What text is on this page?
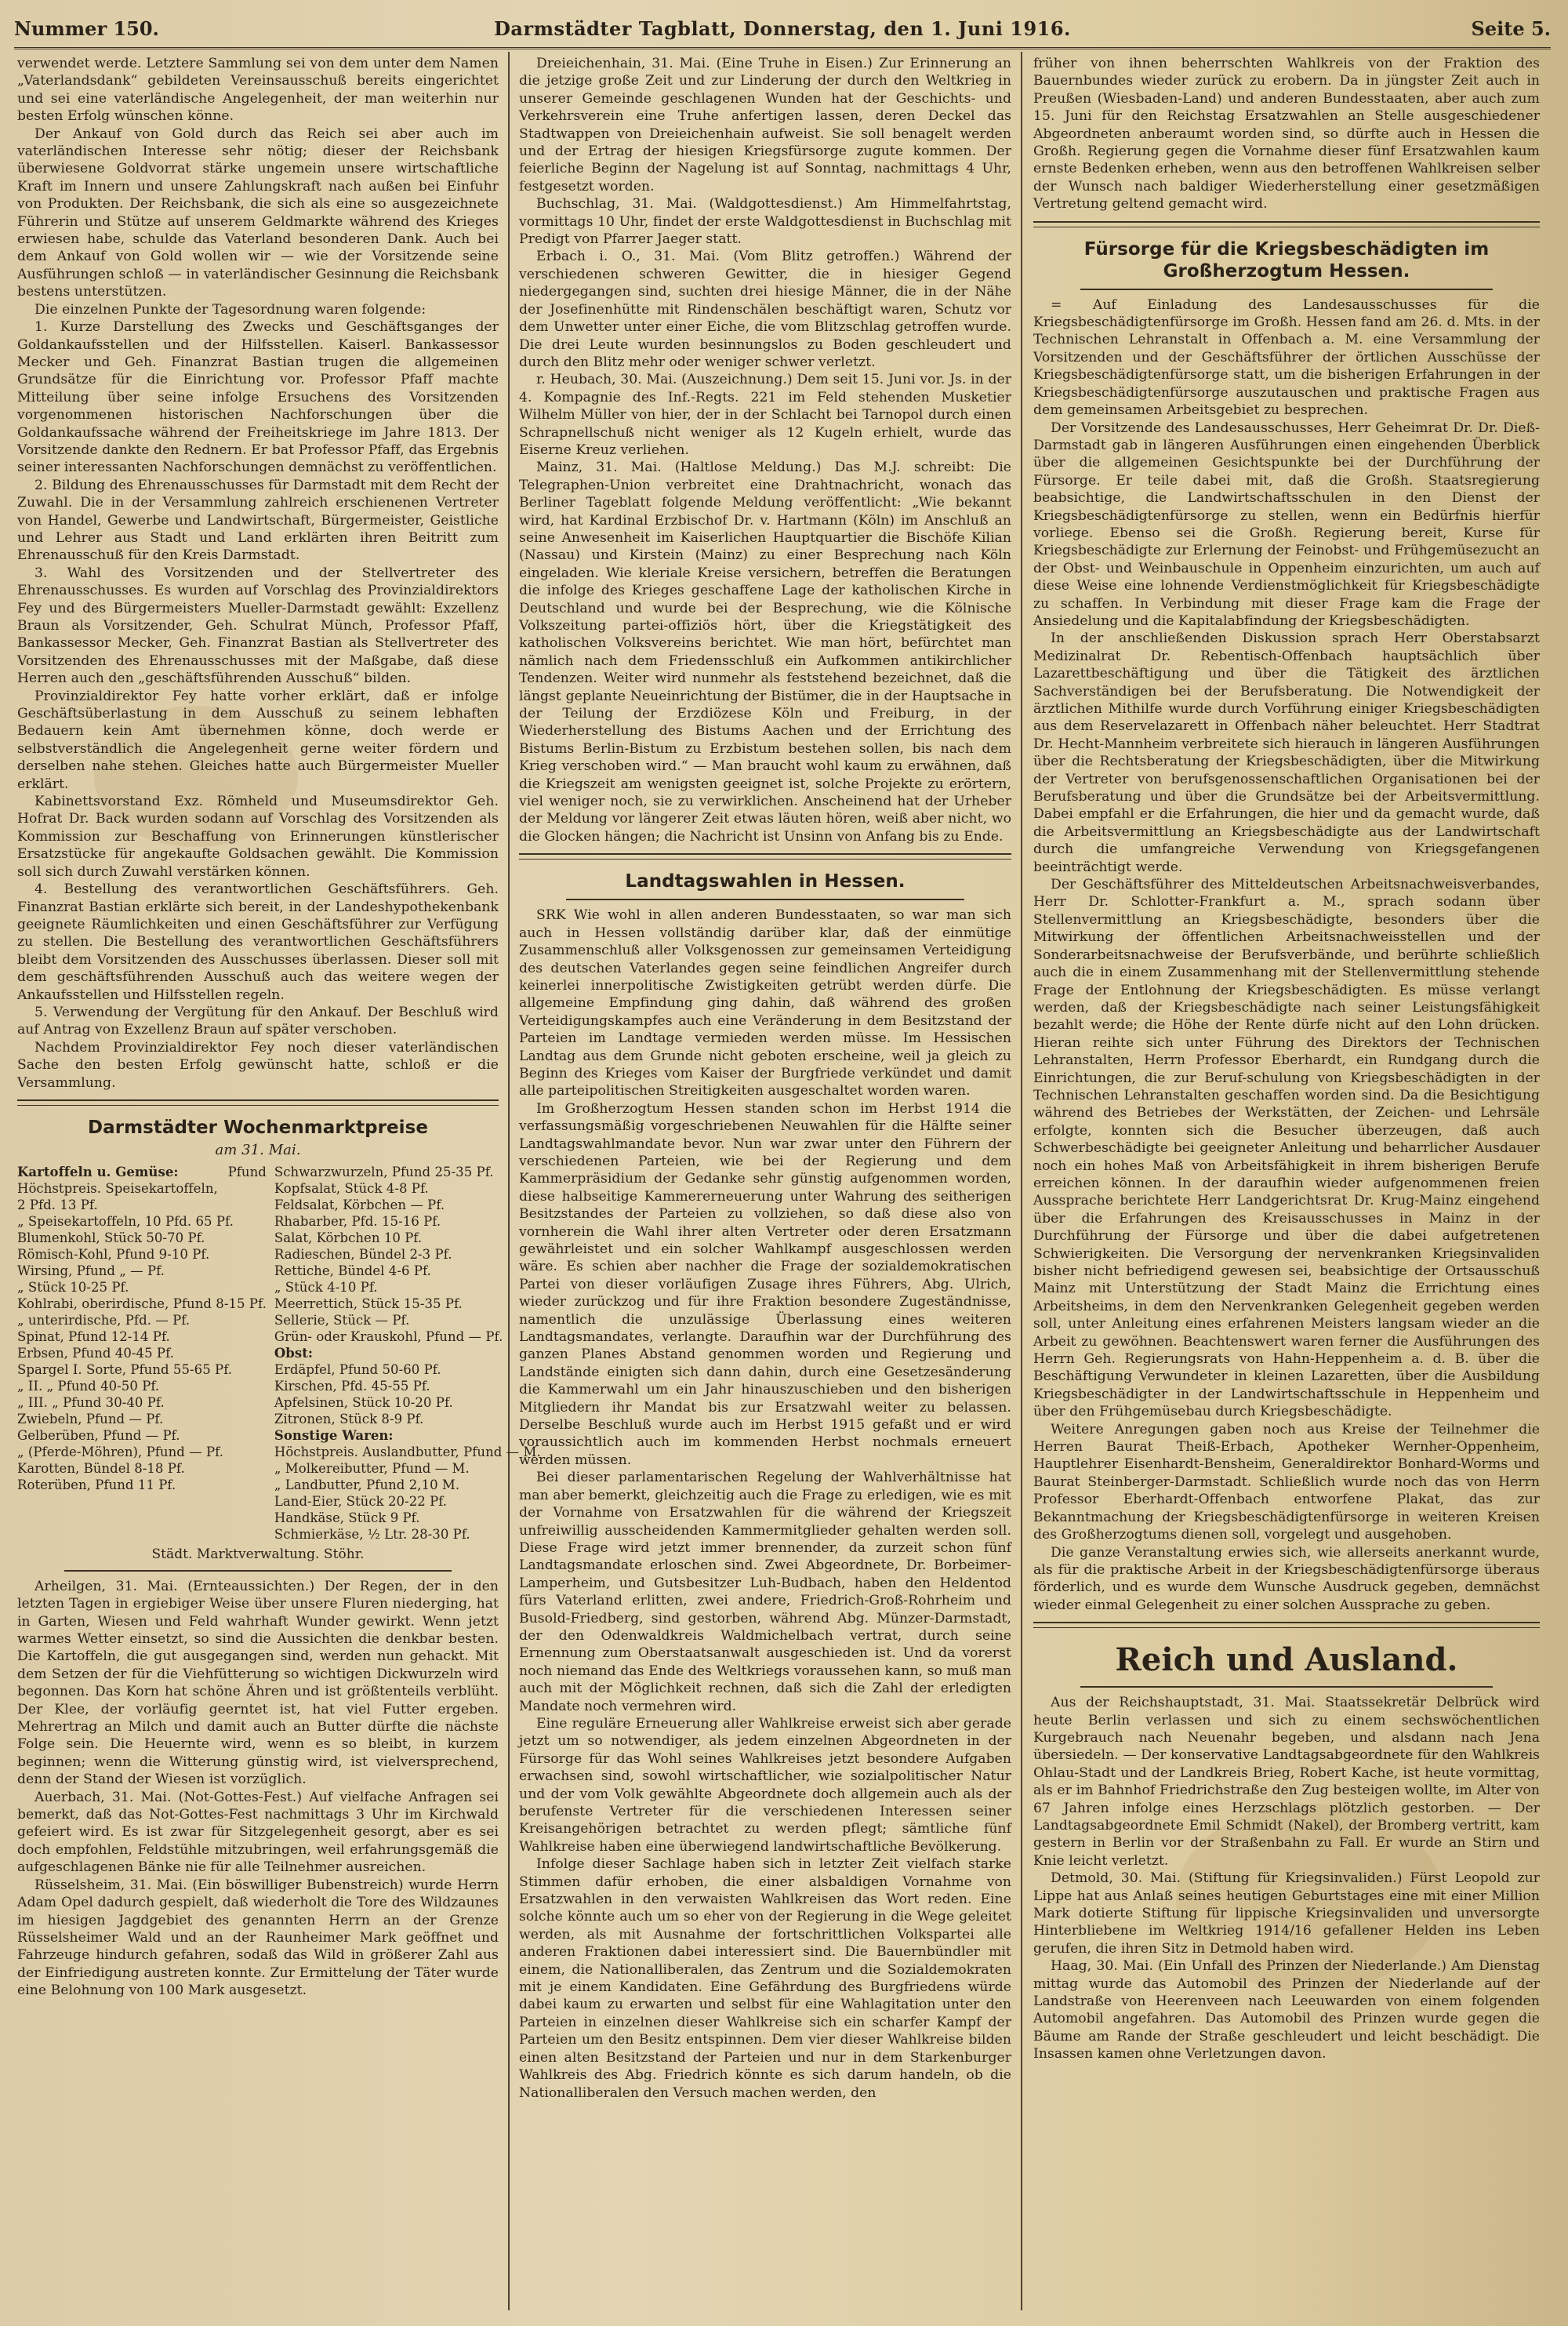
Nummer 150.	Darmstädter Tagblatt, Donnerstag, den 1. Juni 1916.	Seite 5.

verwendet werde. Letztere Sammlung sei von dem unter dem Namen „Vaterlandsdank“ gebildeten Vereinsausschuß bereits eingerichtet und sei eine vaterländische Angelegenheit, der man weiterhin nur besten Erfolg wünschen könne.

Der Ankauf von Gold durch das Reich sei aber auch im vaterländischen Interesse sehr nötig; dieser der Reichsbank überwiesene Goldvorrat stärke ungemein unsere wirtschaftliche Kraft im Innern und unsere Zahlungskraft nach außen bei Einfuhr von Produkten. Der Reichsbank, die sich als eine so ausgezeichnete Führerin und Stütze auf unserem Geldmarkte während des Krieges erwiesen habe, schulde das Vaterland besonderen Dank. Auch bei dem Ankauf von Gold wollen wir — wie der Vorsitzende seine Ausführungen schloß — in vaterländischer Gesinnung die Reichsbank bestens unterstützen.

Die einzelnen Punkte der Tagesordnung waren folgende:

1. Kurze Darstellung des Zwecks und Geschäftsganges der Goldankaufsstellen und der Hilfsstellen. Kaiserl. Bankassessor Mecker und Geh. Finanzrat Bastian trugen die allgemeinen Grundsätze für die Einrichtung vor. Professor Pfaff machte Mitteilung über seine infolge Ersuchens des Vorsitzenden vorgenommenen historischen Nachforschungen über die Goldankaufssache während der Freiheitskriege im Jahre 1813. Der Vorsitzende dankte den Rednern. Er bat Professor Pfaff, das Ergebnis seiner interessanten Nachforschungen demnächst zu veröffentlichen.

2. Bildung des Ehrenausschusses für Darmstadt mit dem Recht der Zuwahl. Die in der Versammlung zahlreich erschienenen Vertreter von Handel, Gewerbe und Landwirtschaft, Bürgermeister, Geistliche und Lehrer aus Stadt und Land erklärten ihren Beitritt zum Ehrenausschuß für den Kreis Darmstadt.

3. Wahl des Vorsitzenden und der Stellvertreter des Ehrenausschusses. Es wurden auf Vorschlag des Provinzialdirektors Fey und des Bürgermeisters Mueller-Darmstadt gewählt: Exzellenz Braun als Vorsitzender, Geh. Schulrat Münch, Professor Pfaff, Bankassessor Mecker, Geh. Finanzrat Bastian als Stellvertreter des Vorsitzenden des Ehrenausschusses mit der Maßgabe, daß diese Herren auch den „geschäftsführenden Ausschuß“ bilden.

Provinzialdirektor Fey hatte vorher erklärt, daß er infolge Geschäftsüberlastung in dem Ausschuß zu seinem lebhaften Bedauern kein Amt übernehmen könne, doch werde er selbstverständlich die Angelegenheit gerne weiter fördern und derselben nahe stehen. Gleiches hatte auch Bürgermeister Mueller erklärt.

Kabinettsvorstand Exz. Römheld und Museumsdirektor Geh. Hofrat Dr. Back wurden sodann auf Vorschlag des Vorsitzenden als Kommission zur Beschaffung von Erinnerungen künstlerischer Ersatzstücke für angekaufte Goldsachen gewählt. Die Kommission soll sich durch Zuwahl verstärken können.

4. Bestellung des verantwortlichen Geschäftsführers. Geh. Finanzrat Bastian erklärte sich bereit, in der Landeshypothekenbank geeignete Räumlichkeiten und einen Geschäftsführer zur Verfügung zu stellen. Die Bestellung des verantwortlichen Geschäftsführers bleibt dem Vorsitzenden des Ausschusses überlassen. Dieser soll mit dem geschäftsführenden Ausschuß auch das weitere wegen der Ankaufsstellen und Hilfsstellen regeln.

5. Verwendung der Vergütung für den Ankauf. Der Beschluß wird auf Antrag von Exzellenz Braun auf später verschoben.

Nachdem Provinzialdirektor Fey noch dieser vaterländischen Sache den besten Erfolg gewünscht hatte, schloß er die Versammlung.

Darmstädter Wochenmarktpreise
am 31. Mai.
Kartoffeln u. Gemüse:	Pfund
Höchstpreis. Speisekartoffeln,
2 Pfd. 13 Pf.
„ Speisekartoffeln, 10 Pfd. 65 Pf.
Blumenkohl, Stück 50-70 Pf.
Römisch-Kohl, Pfund 9-10 Pf.
Wirsing, Pfund „ — Pf.
„ Stück 10-25 Pf.
Kohlrabi, oberirdische, Pfund 8-15 Pf.
„ unterirdische, Pfd. — Pf.
Spinat, Pfund 12-14 Pf.
Erbsen, Pfund 40-45 Pf.
Spargel I. Sorte, Pfund 55-65 Pf.
„ II. „ Pfund 40-50 Pf.
„ III. „ Pfund 30-40 Pf.
Zwiebeln, Pfund — Pf.
Gelberüben, Pfund — Pf.
„ (Pferde-Möhren), Pfund — Pf.
Karotten, Bündel 8-18 Pf.
Roterüben, Pfund 11 Pf.
Schwarzwurzeln, Pfund 25-35 Pf.
Kopfsalat, Stück 4-8 Pf.
Feldsalat, Körbchen — Pf.
Rhabarber, Pfd. 15-16 Pf.
Salat, Körbchen 10 Pf.
Radieschen, Bündel 2-3 Pf.
Rettiche, Bündel 4-6 Pf.
„ Stück 4-10 Pf.
Meerrettich, Stück 15-35 Pf.
Sellerie, Stück — Pf.
Grün- oder Krauskohl, Pfund — Pf.
Obst:
Erdäpfel, Pfund 50-60 Pf.
Kirschen, Pfd. 45-55 Pf.
Apfelsinen, Stück 10-20 Pf.
Zitronen, Stück 8-9 Pf.
Sonstige Waren:
Höchstpreis. Auslandbutter, Pfund — M.
„ Molkereibutter, Pfund — M.
„ Landbutter, Pfund 2,10 M.
Land-Eier, Stück 20-22 Pf.
Handkäse, Stück 9 Pf.
Schmierkäse, ½ Ltr. 28-30 Pf.
Städt. Marktverwaltung. Stöhr.

Arheilgen, 31. Mai. (Ernteaussichten.) Der Regen, der in den letzten Tagen in ergiebiger Weise über unsere Fluren niederging, hat in Garten, Wiesen und Feld wahrhaft Wunder gewirkt. Wenn jetzt warmes Wetter einsetzt, so sind die Aussichten die denkbar besten. Die Kartoffeln, die gut ausgegangen sind, werden nun gehackt. Mit dem Setzen der für die Viehfütterung so wichtigen Dickwurzeln wird begonnen. Das Korn hat schöne Ähren und ist größtenteils verblüht. Der Klee, der vorläufig geerntet ist, hat viel Futter ergeben. Mehrertrag an Milch und damit auch an Butter dürfte die nächste Folge sein. Die Heuernte wird, wenn es so bleibt, in kurzem beginnen; wenn die Witterung günstig wird, ist vielversprechend, denn der Stand der Wiesen ist vorzüglich.

Auerbach, 31. Mai. (Not-Gottes-Fest.) Auf vielfache Anfragen sei bemerkt, daß das Not-Gottes-Fest nachmittags 3 Uhr im Kirchwald gefeiert wird. Es ist zwar für Sitzgelegenheit gesorgt, aber es sei doch empfohlen, Feldstühle mitzubringen, weil erfahrungsgemäß die aufgeschlagenen Bänke nie für alle Teilnehmer ausreichen.

Rüsselsheim, 31. Mai. (Ein böswilliger Bubenstreich) wurde Herrn Adam Opel dadurch gespielt, daß wiederholt die Tore des Wildzaunes im hiesigen Jagdgebiet des genannten Herrn an der Grenze Rüsselsheimer Wald und an der Raunheimer Mark geöffnet und Fahrzeuge hindurch gefahren, sodaß das Wild in größerer Zahl aus der Einfriedigung austreten konnte. Zur Ermittelung der Täter wurde eine Belohnung von 100 Mark ausgesetzt.

Dreieichenhain, 31. Mai. (Eine Truhe in Eisen.) Zur Erinnerung an die jetzige große Zeit und zur Linderung der durch den Weltkrieg in unserer Gemeinde geschlagenen Wunden hat der Geschichts- und Verkehrsverein eine Truhe anfertigen lassen, deren Deckel das Stadtwappen von Dreieichenhain aufweist. Sie soll benagelt werden und der Ertrag der hiesigen Kriegsfürsorge zugute kommen. Der feierliche Beginn der Nagelung ist auf Sonntag, nachmittags 4 Uhr, festgesetzt worden.

Buchschlag, 31. Mai. (Waldgottesdienst.) Am Himmelfahrtstag, vormittags 10 Uhr, findet der erste Waldgottesdienst in Buchschlag mit Predigt von Pfarrer Jaeger statt.

Erbach i. O., 31. Mai. (Vom Blitz getroffen.) Während der verschiedenen schweren Gewitter, die in hiesiger Gegend niedergegangen sind, suchten drei hiesige Männer, die in der Nähe der Josefinenhütte mit Rindenschälen beschäftigt waren, Schutz vor dem Unwetter unter einer Eiche, die vom Blitzschlag getroffen wurde. Die drei Leute wurden besinnungslos zu Boden geschleudert und durch den Blitz mehr oder weniger schwer verletzt.

r. Heubach, 30. Mai. (Auszeichnung.) Dem seit 15. Juni vor. Js. in der 4. Kompagnie des Inf.-Regts. 221 im Feld stehenden Musketier Wilhelm Müller von hier, der in der Schlacht bei Tarnopol durch einen Schrapnellschuß nicht weniger als 12 Kugeln erhielt, wurde das Eiserne Kreuz verliehen.

Mainz, 31. Mai. (Haltlose Meldung.) Das M.J. schreibt: Die Telegraphen-Union verbreitet eine Drahtnachricht, wonach das Berliner Tageblatt folgende Meldung veröffentlicht: „Wie bekannt wird, hat Kardinal Erzbischof Dr. v. Hartmann (Köln) im Anschluß an seine Anwesenheit im Kaiserlichen Hauptquartier die Bischöfe Kilian (Nassau) und Kirstein (Mainz) zu einer Besprechung nach Köln eingeladen. Wie kleriale Kreise versichern, betreffen die Beratungen die infolge des Krieges geschaffene Lage der katholischen Kirche in Deutschland und wurde bei der Besprechung, wie die Kölnische Volkszeitung partei-offiziös hört, über die Kriegstätigkeit des katholischen Volksvereins berichtet. Wie man hört, befürchtet man nämlich nach dem Friedensschluß ein Aufkommen antikirchlicher Tendenzen. Weiter wird nunmehr als feststehend bezeichnet, daß die längst geplante Neueinrichtung der Bistümer, die in der Hauptsache in der Teilung der Erzdiözese Köln und Freiburg, in der Wiederherstellung des Bistums Aachen und der Errichtung des Bistums Berlin-Bistum zu Erzbistum bestehen sollen, bis nach dem Krieg verschoben wird.“ — Man braucht wohl kaum zu erwähnen, daß die Kriegszeit am wenigsten geeignet ist, solche Projekte zu erörtern, viel weniger noch, sie zu verwirklichen. Anscheinend hat der Urheber der Meldung vor längerer Zeit etwas läuten hören, weiß aber nicht, wo die Glocken hängen; die Nachricht ist Unsinn von Anfang bis zu Ende.

Landtagswahlen in Hessen.

SRK Wie wohl in allen anderen Bundesstaaten, so war man sich auch in Hessen vollständig darüber klar, daß der einmütige Zusammenschluß aller Volksgenossen zur gemeinsamen Verteidigung des deutschen Vaterlandes gegen seine feindlichen Angreifer durch keinerlei innerpolitische Zwistigkeiten getrübt werden dürfe. Die allgemeine Empfindung ging dahin, daß während des großen Verteidigungskampfes auch eine Veränderung in dem Besitzstand der Parteien im Landtage vermieden werden müsse. Im Hessischen Landtag aus dem Grunde nicht geboten erscheine, weil ja gleich zu Beginn des Krieges vom Kaiser der Burgfriede verkündet und damit alle parteipolitischen Streitigkeiten ausgeschaltet worden waren.

Im Großherzogtum Hessen standen schon im Herbst 1914 die verfassungsmäßig vorgeschriebenen Neuwahlen für die Hälfte seiner Landtagswahlmandate bevor. Nun war zwar unter den Führern der verschiedenen Parteien, wie bei der Regierung und dem Kammerpräsidium der Gedanke sehr günstig aufgenommen worden, diese halbseitige Kammererneuerung unter Wahrung des seitherigen Besitzstandes der Parteien zu vollziehen, so daß diese also von vornherein die Wahl ihrer alten Vertreter oder deren Ersatzmann gewährleistet und ein solcher Wahlkampf ausgeschlossen werden wäre. Es schien aber nachher die Frage der sozialdemokratischen Partei von dieser vorläufigen Zusage ihres Führers, Abg. Ulrich, wieder zurückzog und für ihre Fraktion besondere Zugeständnisse, namentlich die unzulässige Überlassung eines weiteren Landtagsmandates, verlangte. Daraufhin war der Durchführung des ganzen Planes Abstand genommen worden und Regierung und Landstände einigten sich dann dahin, durch eine Gesetzesänderung die Kammerwahl um ein Jahr hinauszuschieben und den bisherigen Mitgliedern ihr Mandat bis zur Ersatzwahl weiter zu belassen. Derselbe Beschluß wurde auch im Herbst 1915 gefaßt und er wird voraussichtlich auch im kommenden Herbst nochmals erneuert werden müssen.

Bei dieser parlamentarischen Regelung der Wahlverhältnisse hat man aber bemerkt, gleichzeitig auch die Frage zu erledigen, wie es mit der Vornahme von Ersatzwahlen für die während der Kriegszeit unfreiwillig ausscheidenden Kammermitglieder gehalten werden soll. Diese Frage wird jetzt immer brennender, da zurzeit schon fünf Landtagsmandate erloschen sind. Zwei Abgeordnete, Dr. Borbeimer-Lamperheim, und Gutsbesitzer Luh-Budbach, haben den Heldentod fürs Vaterland erlitten, zwei andere, Friedrich-Groß-Rohrheim und Busold-Friedberg, sind gestorben, während Abg. Münzer-Darmstadt, der den Odenwaldkreis Waldmichelbach vertrat, durch seine Ernennung zum Oberstaatsanwalt ausgeschieden ist. Und da vorerst noch niemand das Ende des Weltkriegs voraussehen kann, so muß man auch mit der Möglichkeit rechnen, daß sich die Zahl der erledigten Mandate noch vermehren wird.

Eine reguläre Erneuerung aller Wahlkreise erweist sich aber gerade jetzt um so notwendiger, als jedem einzelnen Abgeordneten in der Fürsorge für das Wohl seines Wahlkreises jetzt besondere Aufgaben erwachsen sind, sowohl wirtschaftlicher, wie sozialpolitischer Natur und der vom Volk gewählte Abgeordnete doch allgemein auch als der berufenste Vertreter für die verschiedenen Interessen seiner Kreisangehörigen betrachtet zu werden pflegt; sämtliche fünf Wahlkreise haben eine überwiegend landwirtschaftliche Bevölkerung.

Infolge dieser Sachlage haben sich in letzter Zeit vielfach starke Stimmen dafür erhoben, die einer alsbaldigen Vornahme von Ersatzwahlen in den verwaisten Wahlkreisen das Wort reden. Eine solche könnte auch um so eher von der Regierung in die Wege geleitet werden, als mit Ausnahme der fortschrittlichen Volkspartei alle anderen Fraktionen dabei interessiert sind. Die Bauernbündler mit einem, die Nationalliberalen, das Zentrum und die Sozialdemokraten mit je einem Kandidaten. Eine Gefährdung des Burgfriedens würde dabei kaum zu erwarten und selbst für eine Wahlagitation unter den Parteien in einzelnen dieser Wahlkreise sich ein scharfer Kampf der Parteien um den Besitz entspinnen. Dem vier dieser Wahlkreise bilden einen alten Besitzstand der Parteien und nur in dem Starkenburger Wahlkreis des Abg. Friedrich könnte es sich darum handeln, ob die Nationalliberalen den Versuch machen werden, den

früher von ihnen beherrschten Wahlkreis von der Fraktion des Bauernbundes wieder zurück zu erobern. Da in jüngster Zeit auch in Preußen (Wiesbaden-Land) und anderen Bundesstaaten, aber auch zum 15. Juni für den Reichstag Ersatzwahlen an Stelle ausgeschiedener Abgeordneten anberaumt worden sind, so dürfte auch in Hessen die Großh. Regierung gegen die Vornahme dieser fünf Ersatzwahlen kaum ernste Bedenken erheben, wenn aus den betroffenen Wahlkreisen selber der Wunsch nach baldiger Wiederherstellung einer gesetzmäßigen Vertretung geltend gemacht wird.

Fürsorge für die Kriegsbeschädigten im Großherzogtum Hessen.

= Auf Einladung des Landesausschusses für die Kriegsbeschädigtenfürsorge im Großh. Hessen fand am 26. d. Mts. in der Technischen Lehranstalt in Offenbach a. M. eine Versammlung der Vorsitzenden und der Geschäftsführer der örtlichen Ausschüsse der Kriegsbeschädigtenfürsorge statt, um die bisherigen Erfahrungen in der Kriegsbeschädigtenfürsorge auszutauschen und praktische Fragen aus dem gemeinsamen Arbeitsgebiet zu besprechen.

Der Vorsitzende des Landesausschusses, Herr Geheimrat Dr. Dr. Dieß-Darmstadt gab in längeren Ausführungen einen eingehenden Überblick über die allgemeinen Gesichtspunkte bei der Durchführung der Fürsorge. Er teile dabei mit, daß die Großh. Staatsregierung beabsichtige, die Landwirtschaftsschulen in den Dienst der Kriegsbeschädigtenfürsorge zu stellen, wenn ein Bedürfnis hierfür vorliege. Ebenso sei die Großh. Regierung bereit, Kurse für Kriegsbeschädigte zur Erlernung der Feinobst- und Frühgemüsezucht an der Obst- und Weinbauschule in Oppenheim einzurichten, um auch auf diese Weise eine lohnende Verdienstmöglichkeit für Kriegsbeschädigte zu schaffen. In Verbindung mit dieser Frage kam die Frage der Ansiedelung und die Kapitalabfindung der Kriegsbeschädigten.

In der anschließenden Diskussion sprach Herr Oberstabsarzt Medizinalrat Dr. Rebentisch-Offenbach hauptsächlich über Lazarettbeschäftigung und über die Tätigkeit des ärztlichen Sachverständigen bei der Berufsberatung. Die Notwendigkeit der ärztlichen Mithilfe wurde durch Vorführung einiger Kriegsbeschädigten aus dem Reservelazarett in Offenbach näher beleuchtet. Herr Stadtrat Dr. Hecht-Mannheim verbreitete sich hierauch in längeren Ausführungen über die Rechtsberatung der Kriegsbeschädigten, über die Mitwirkung der Vertreter von berufsgenossenschaftlichen Organisationen bei der Berufsberatung und über die Grundsätze bei der Arbeitsvermittlung. Dabei empfahl er die Erfahrungen, die hier und da gemacht wurde, daß die Arbeitsvermittlung an Kriegsbeschädigte aus der Landwirtschaft durch die umfangreiche Verwendung von Kriegsgefangenen beeinträchtigt werde.

Der Geschäftsführer des Mitteldeutschen Arbeitsnachweisverbandes, Herr Dr. Schlotter-Frankfurt a. M., sprach sodann über Stellenvermittlung an Kriegsbeschädigte, besonders über die Mitwirkung der öffentlichen Arbeitsnachweisstellen und der Sonderarbeitsnachweise der Berufsverbände, und berührte schließlich auch die in einem Zusammenhang mit der Stellenvermittlung stehende Frage der Entlohnung der Kriegsbeschädigten. Es müsse verlangt werden, daß der Kriegsbeschädigte nach seiner Leistungsfähigkeit bezahlt werde; die Höhe der Rente dürfe nicht auf den Lohn drücken. Hieran reihte sich unter Führung des Direktors der Technischen Lehranstalten, Herrn Professor Eberhardt, ein Rundgang durch die Einrichtungen, die zur Beruf-schulung von Kriegsbeschädigten in der Technischen Lehranstalten geschaffen worden sind. Da die Besichtigung während des Betriebes der Werkstätten, der Zeichen- und Lehrsäle erfolgte, konnten sich die Besucher überzeugen, daß auch Schwerbeschädigte bei geeigneter Anleitung und beharrlicher Ausdauer noch ein hohes Maß von Arbeitsfähigkeit in ihrem bisherigen Berufe erreichen können. In der daraufhin wieder aufgenommenen freien Aussprache berichtete Herr Landgerichtsrat Dr. Krug-Mainz eingehend über die Erfahrungen des Kreisausschusses in Mainz in der Durchführung der Fürsorge und über die dabei aufgetretenen Schwierigkeiten. Die Versorgung der nervenkranken Kriegsinvaliden bisher nicht befriedigend gewesen sei, beabsichtige der Ortsausschuß Mainz mit Unterstützung der Stadt Mainz die Errichtung eines Arbeitsheims, in dem den Nervenkranken Gelegenheit gegeben werden soll, unter Anleitung eines erfahrenen Meisters langsam wieder an die Arbeit zu gewöhnen. Beachtenswert waren ferner die Ausführungen des Herrn Geh. Regierungsrats von Hahn-Heppenheim a. d. B. über die Beschäftigung Verwundeter in kleinen Lazaretten, über die Ausbildung Kriegsbeschädigter in der Landwirtschaftsschule in Heppenheim und über den Frühgemüsebau durch Kriegsbeschädigte.

Weitere Anregungen gaben noch aus Kreise der Teilnehmer die Herren Baurat Theiß-Erbach, Apotheker Wernher-Oppenheim, Hauptlehrer Eisenhardt-Bensheim, Generaldirektor Bonhard-Worms und Baurat Steinberger-Darmstadt. Schließlich wurde noch das von Herrn Professor Eberhardt-Offenbach entworfene Plakat, das zur Bekanntmachung der Kriegsbeschädigtenfürsorge in weiteren Kreisen des Großherzogtums dienen soll, vorgelegt und ausgehoben.

Die ganze Veranstaltung erwies sich, wie allerseits anerkannt wurde, als für die praktische Arbeit in der Kriegsbeschädigtenfürsorge überaus förderlich, und es wurde dem Wunsche Ausdruck gegeben, demnächst wieder einmal Gelegenheit zu einer solchen Aussprache zu geben.

Reich und Ausland.

Aus der Reichshauptstadt, 31. Mai. Staatssekretär Delbrück wird heute Berlin verlassen und sich zu einem sechswöchentlichen Kurgebrauch nach Neuenahr begeben, und alsdann nach Jena übersiedeln. — Der konservative Landtagsabgeordnete für den Wahlkreis Ohlau-Stadt und der Landkreis Brieg, Robert Kache, ist heute vormittag, als er im Bahnhof Friedrichstraße den Zug besteigen wollte, im Alter von 67 Jahren infolge eines Herzschlags plötzlich gestorben. — Der Landtagsabgeordnete Emil Schmidt (Nakel), der Bromberg vertritt, kam gestern in Berlin vor der Straßenbahn zu Fall. Er wurde an Stirn und Knie leicht verletzt.

Detmold, 30. Mai. (Stiftung für Kriegsinvaliden.) Fürst Leopold zur Lippe hat aus Anlaß seines heutigen Geburtstages eine mit einer Million Mark dotierte Stiftung für lippische Kriegsinvaliden und unversorgte Hinterbliebene im Weltkrieg 1914/16 gefallener Helden ins Leben gerufen, die ihren Sitz in Detmold haben wird.

Haag, 30. Mai. (Ein Unfall des Prinzen der Niederlande.) Am Dienstag mittag wurde das Automobil des Prinzen der Niederlande auf der Landstraße von Heerenveen nach Leeuwarden von einem folgenden Automobil angefahren. Das Automobil des Prinzen wurde gegen die Bäume am Rande der Straße geschleudert und leicht beschädigt. Die Insassen kamen ohne Verletzungen davon.
